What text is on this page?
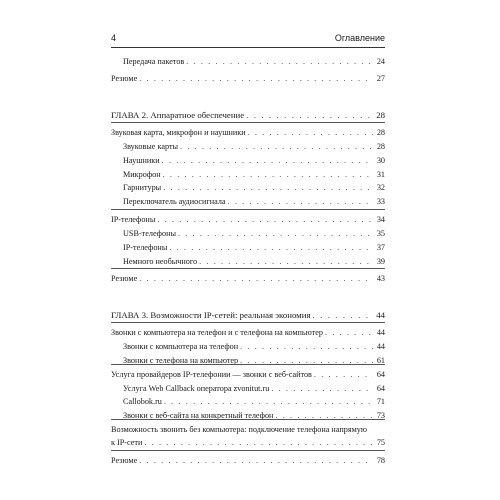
4	Оглавление
Передача пакетов . . .	24
Резюме . . .	27
ГЛАВА 2. Аппаратное обеспечение . . .	28
Звуковая карта, микрофон и наушники . . .	28
Звуковые карты . . .	28
Наушники . . .	30
Микрофон . . .	31
Гарнитуры . . .	32
Переключатель аудиосигнала . . .	33
IP-телефоны . . .	34
USB-телефоны . . .	35
IP-телефоны . . .	37
Немного необычного . . .	39
Резюме . . .	43
ГЛАВА 3. Возможности IP-сетей: реальная экономия . . .	44
Звонки с компьютера на телефон и с телефона на компьютер . . .	44
Звонки с компьютера на телефон . . .	44
Звонки с телефона на компьютер . . .	61
Услуга провайдеров IP-телефонии — звонки с веб-сайтов . . .	64
Услуга Web Callback оператора zvonitut.ru . . .	64
Callobok.ru . . .	71
Звонки с веб-сайта на конкретный телефон . . .	73
Возможность звонить без компьютера: подключение телефона напрямую
к IP-сети . . .	75
Резюме . . .	78
